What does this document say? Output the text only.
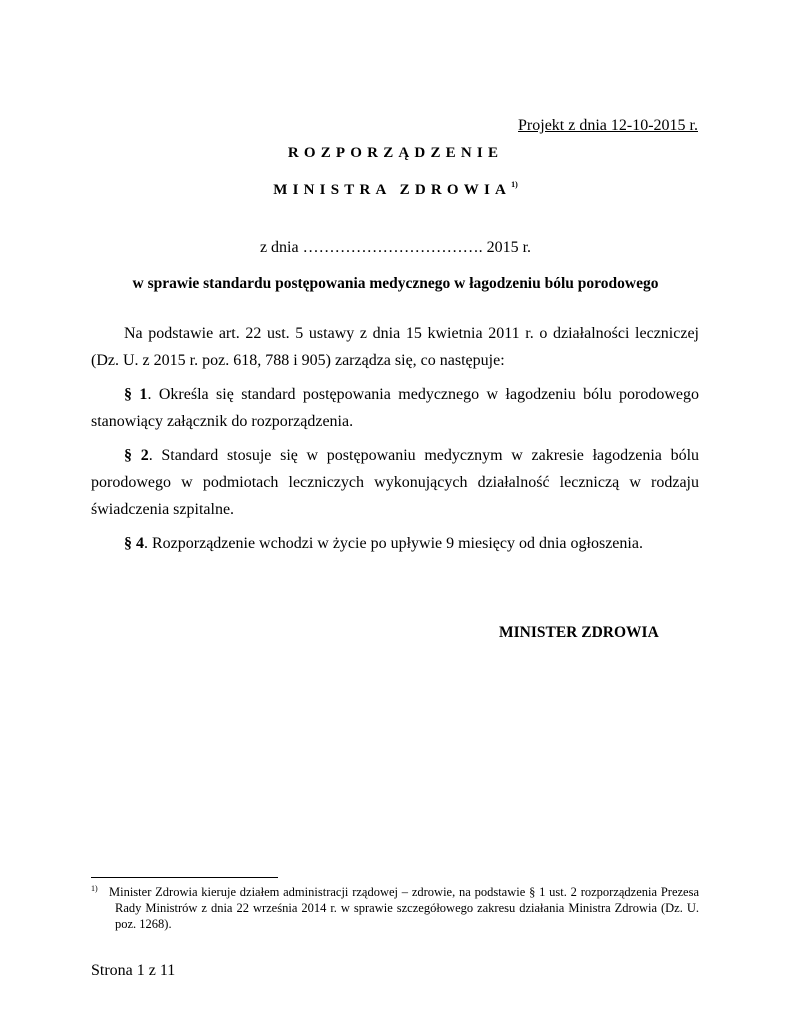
Projekt z dnia 12-10-2015 r.
ROZPORZĄDZENIE
MINISTRA ZDROWIA$^{1)}$
z dnia ……………………………. 2015 r.
w sprawie standardu postępowania medycznego w łagodzeniu bólu porodowego
Na podstawie art. 22 ust. 5 ustawy z dnia 15 kwietnia 2011 r. o działalności leczniczej (Dz. U. z 2015 r. poz. 618, 788 i 905) zarządza się, co następuje:
§ 1. Określa się standard postępowania medycznego w łagodzeniu bólu porodowego stanowiący załącznik do rozporządzenia.
§ 2. Standard stosuje się w postępowaniu medycznym w zakresie łagodzenia bólu porodowego w podmiotach leczniczych wykonujących działalność leczniczą w rodzaju świadczenia szpitalne.
§ 4. Rozporządzenie wchodzi w życie po upływie 9 miesięcy od dnia ogłoszenia.
MINISTER ZDROWIA
1) Minister Zdrowia kieruje działem administracji rządowej – zdrowie, na podstawie § 1 ust. 2 rozporządzenia Prezesa Rady Ministrów z dnia 22 września 2014 r. w sprawie szczegółowego zakresu działania Ministra Zdrowia (Dz. U. poz. 1268).
Strona 1 z 11
